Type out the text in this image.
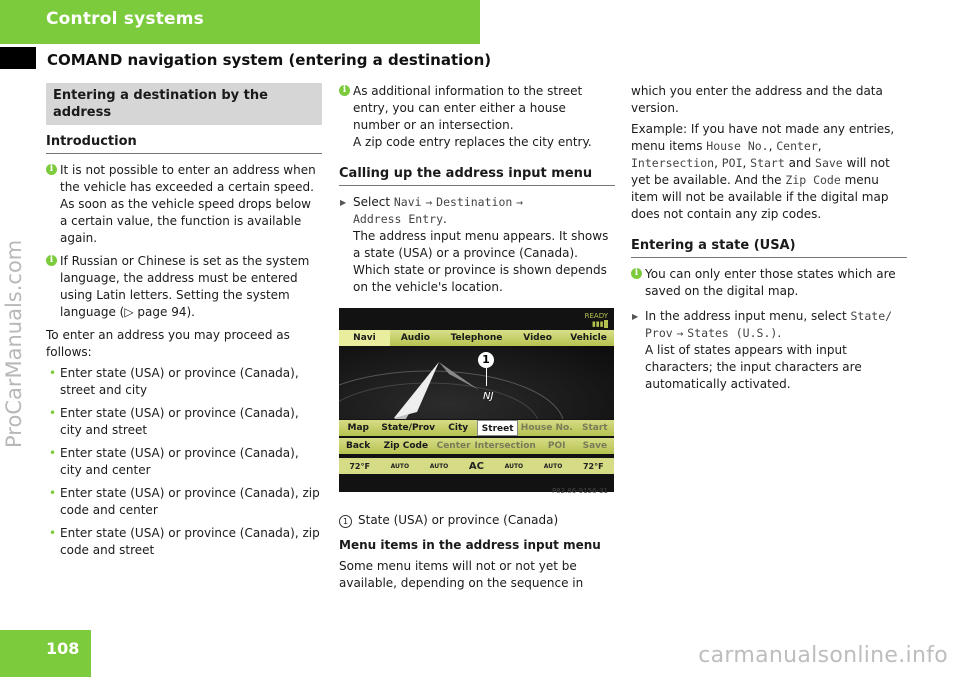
Control systems
COMAND navigation system (entering a destination)
ProCarManuals.com
Entering a destination by the address
Introduction
i It is not possible to enter an address when the vehicle has exceeded a certain speed. As soon as the vehicle speed drops below a certain value, the function is available again.
i If Russian or Chinese is set as the system language, the address must be entered using Latin letters. Setting the system language (▷ page 94).
To enter an address you may proceed as follows:
• Enter state (USA) or province (Canada), street and city
• Enter state (USA) or province (Canada), city and street
• Enter state (USA) or province (Canada), city and center
• Enter state (USA) or province (Canada), zip code and center
• Enter state (USA) or province (Canada), zip code and street
i As additional information to the street entry, you can enter either a house number or an intersection.
A zip code entry replaces the city entry.
Calling up the address input menu
▶ Select Navi → Destination →
Address Entry.
The address input menu appears. It shows a state (USA) or a province (Canada). Which state or province is shown depends on the vehicle's location.
READY
▮▮▮
Navi	Audio	Telephone	Video	Vehicle
1
NJ
Map	State/Prov	City	Street House No.	Start
Back	Zip Code Center Intersection	POI	Save
72°F	AUTO	AUTO AC	AUTO	AUTO	72°F
P82.86-9156-31
1 State (USA) or province (Canada)
Menu items in the address input menu
Some menu items will not or not yet be available, depending on the sequence in
which you enter the address and the data version.
Example: If you have not made any entries, menu items House No., Center, Intersection, POI, Start and Save will not yet be available. And the Zip Code menu item will not be available if the digital map does not contain any zip codes.
Entering a state (USA)
i You can only enter those states which are saved on the digital map.
▶ In the address input menu, select State/
Prov → States (U.S.).
A list of states appears with input characters; the input characters are automatically activated.
108	carmanualsonline.info
